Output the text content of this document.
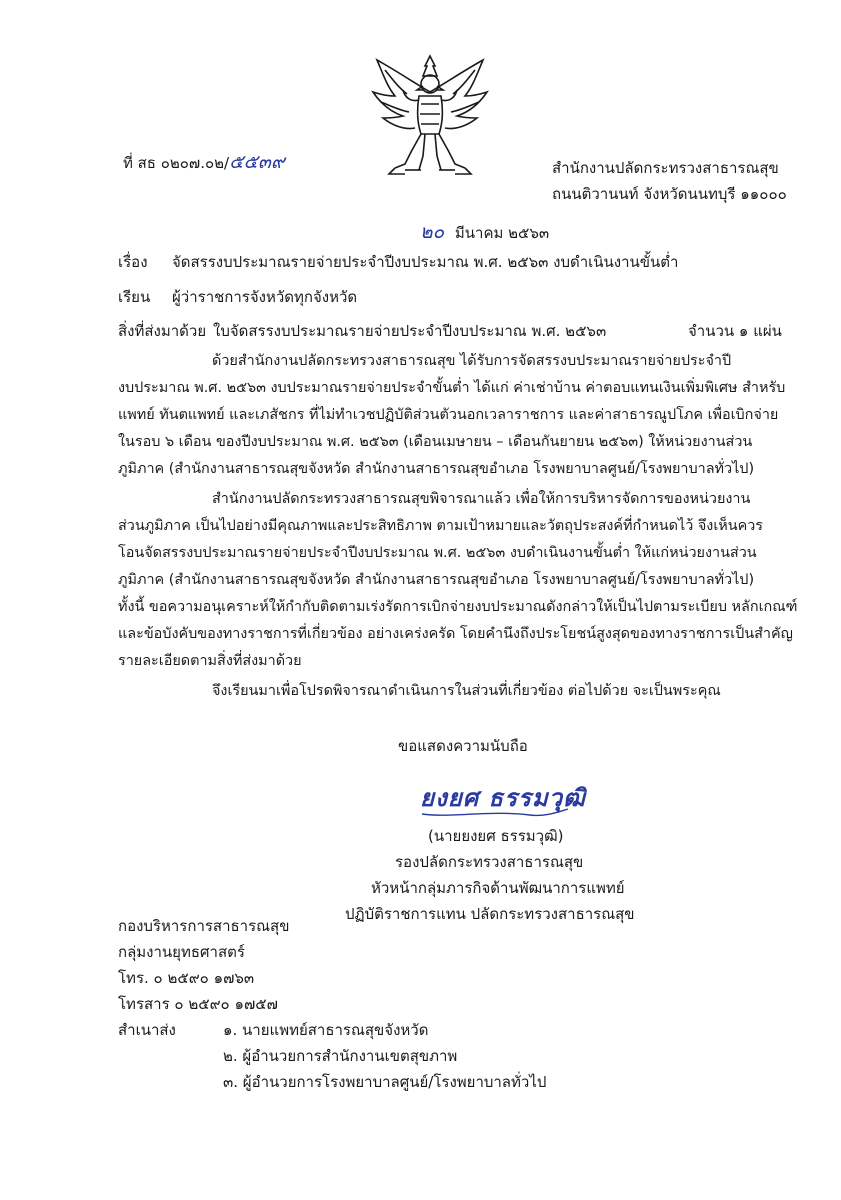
ที่ สธ ๐๒๐๗.๐๒/๕๕๓๙	สำนักงานปลัดกระทรวงสาธารณสุข
ถนนติวานนท์ จังหวัดนนทบุรี ๑๑๐๐๐
๒๐ มีนาคม ๒๕๖๓
เรื่อง จัดสรรงบประมาณรายจ่ายประจำปีงบประมาณ พ.ศ. ๒๕๖๓ งบดำเนินงานขั้นต่ำ
เรียน ผู้ว่าราชการจังหวัดทุกจังหวัด
สิ่งที่ส่งมาด้วย ใบจัดสรรงบประมาณรายจ่ายประจำปีงบประมาณ พ.ศ. ๒๕๖๓	จำนวน ๑ แผ่น
ด้วยสำนักงานปลัดกระทรวงสาธารณสุข ได้รับการจัดสรรงบประมาณรายจ่ายประจำปี
งบประมาณ พ.ศ. ๒๕๖๓ งบประมาณรายจ่ายประจำขั้นต่ำ ได้แก่ ค่าเช่าบ้าน ค่าตอบแทนเงินเพิ่มพิเศษ สำหรับ
แพทย์ ทันตแพทย์ และเภสัชกร ที่ไม่ทำเวชปฏิบัติส่วนตัวนอกเวลาราชการ และค่าสาธารณูปโภค เพื่อเบิกจ่าย
ในรอบ ๖ เดือน ของปีงบประมาณ พ.ศ. ๒๕๖๓ (เดือนเมษายน – เดือนกันยายน ๒๕๖๓) ให้หน่วยงานส่วน
ภูมิภาค (สำนักงานสาธารณสุขจังหวัด สำนักงานสาธารณสุขอำเภอ โรงพยาบาลศูนย์/โรงพยาบาลทั่วไป)
สำนักงานปลัดกระทรวงสาธารณสุขพิจารณาแล้ว เพื่อให้การบริหารจัดการของหน่วยงาน
ส่วนภูมิภาค เป็นไปอย่างมีคุณภาพและประสิทธิภาพ ตามเป้าหมายและวัตถุประสงค์ที่กำหนดไว้ จึงเห็นควร
โอนจัดสรรงบประมาณรายจ่ายประจำปีงบประมาณ พ.ศ. ๒๕๖๓ งบดำเนินงานขั้นต่ำ ให้แก่หน่วยงานส่วน
ภูมิภาค (สำนักงานสาธารณสุขจังหวัด สำนักงานสาธารณสุขอำเภอ โรงพยาบาลศูนย์/โรงพยาบาลทั่วไป)
ทั้งนี้ ขอความอนุเคราะห์ให้กำกับติดตามเร่งรัดการเบิกจ่ายงบประมาณดังกล่าวให้เป็นไปตามระเบียบ หลักเกณฑ์
และข้อบังคับของทางราชการที่เกี่ยวข้อง อย่างเคร่งครัด โดยคำนึงถึงประโยชน์สูงสุดของทางราชการเป็นสำคัญ
รายละเอียดตามสิ่งที่ส่งมาด้วย
จึงเรียนมาเพื่อโปรดพิจารณาดำเนินการในส่วนที่เกี่ยวข้อง ต่อไปด้วย จะเป็นพระคุณ
ขอแสดงความนับถือ
ยงยศ ธรรมวุฒิ
(นายยงยศ ธรรมวุฒิ)
รองปลัดกระทรวงสาธารณสุข
หัวหน้ากลุ่มภารกิจด้านพัฒนาการแพทย์
ปฏิบัติราชการแทน ปลัดกระทรวงสาธารณสุข
กองบริหารการสาธารณสุข
กลุ่มงานยุทธศาสตร์
โทร. ๐ ๒๕๙๐ ๑๗๖๓
โทรสาร ๐ ๒๕๙๐ ๑๗๕๗
สำเนาส่ง	๑. นายแพทย์สาธารณสุขจังหวัด
๒. ผู้อำนวยการสำนักงานเขตสุขภาพ
๓. ผู้อำนวยการโรงพยาบาลศูนย์/โรงพยาบาลทั่วไป
